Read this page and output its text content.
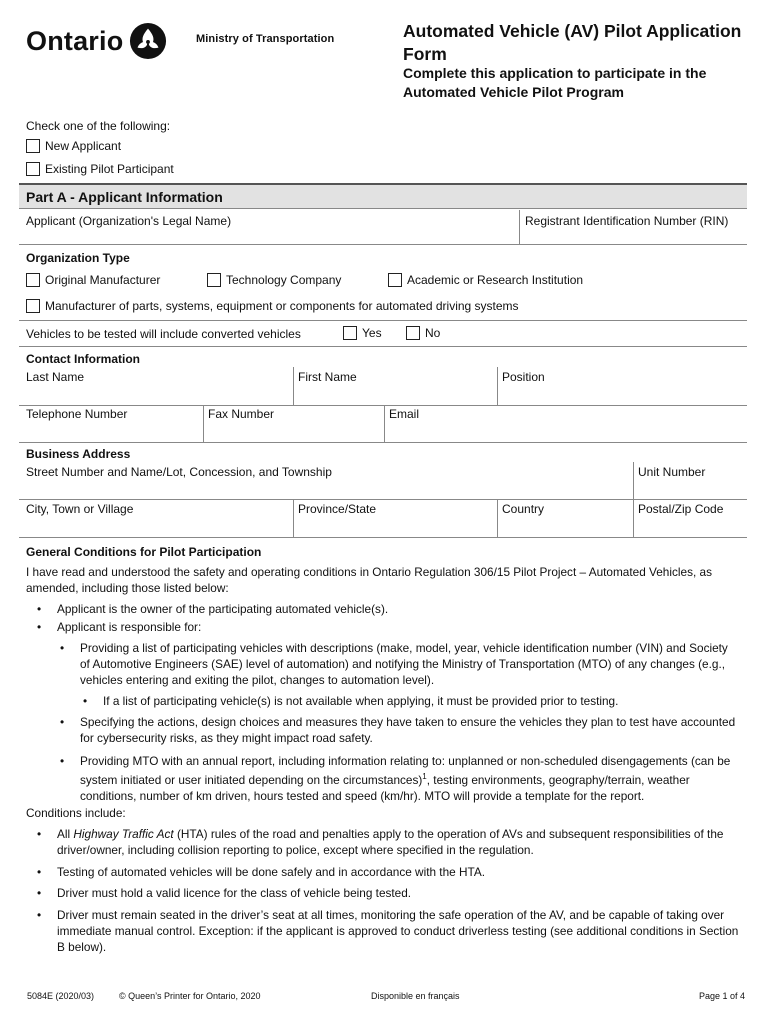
Ontario	Ministry of Transportation	Automated Vehicle (AV) Pilot Application Form
Complete this application to participate in the Automated Vehicle Pilot Program
Check one of the following:
New Applicant
Existing Pilot Participant
Part A - Applicant Information
Applicant (Organization's Legal Name)	Registrant Identification Number (RIN)
Organization Type
Original Manufacturer	Technology Company	Academic or Research Institution
Manufacturer of parts, systems, equipment or components for automated driving systems
Vehicles to be tested will include converted vehicles	Yes	No
Contact Information
Last Name	First Name	Position
Telephone Number	Fax Number	Email
Business Address
Street Number and Name/Lot, Concession, and Township	Unit Number
City, Town or Village	Province/State	Country	Postal/Zip Code
General Conditions for Pilot Participation
I have read and understood the safety and operating conditions in Ontario Regulation 306/15 Pilot Project – Automated Vehicles, as amended, including those listed below:
• Applicant is the owner of the participating automated vehicle(s).
• Applicant is responsible for:
• Providing a list of participating vehicles with descriptions (make, model, year, vehicle identification number (VIN) and Society of Automotive Engineers (SAE) level of automation) and notifying the Ministry of Transportation (MTO) of any changes (e.g., vehicles entering and exiting the pilot, changes to automation level).
• If a list of participating vehicle(s) is not available when applying, it must be provided prior to testing.
• Specifying the actions, design choices and measures they have taken to ensure the vehicles they plan to test have accounted for cybersecurity risks, as they might impact road safety.
• Providing MTO with an annual report, including information relating to: unplanned or non-scheduled disengagements (can be system initiated or user initiated depending on the circumstances)$^1$, testing environments, geography/terrain, weather conditions, number of km driven, hours tested and speed (km/hr). MTO will provide a template for the report.
Conditions include:
• All Highway Traffic Act (HTA) rules of the road and penalties apply to the operation of AVs and subsequent responsibilities of the driver/owner, including collision reporting to police, except where specified in the regulation.
• Testing of automated vehicles will be done safely and in accordance with the HTA.
• Driver must hold a valid licence for the class of vehicle being tested.
• Driver must remain seated in the driver’s seat at all times, monitoring the safe operation of the AV, and be capable of taking over immediate manual control. Exception: if the applicant is approved to conduct driverless testing (see additional conditions in Section B below).
5084E (2020/03)	© Queen’s Printer for Ontario, 2020	Disponible en français	Page 1 of 4
